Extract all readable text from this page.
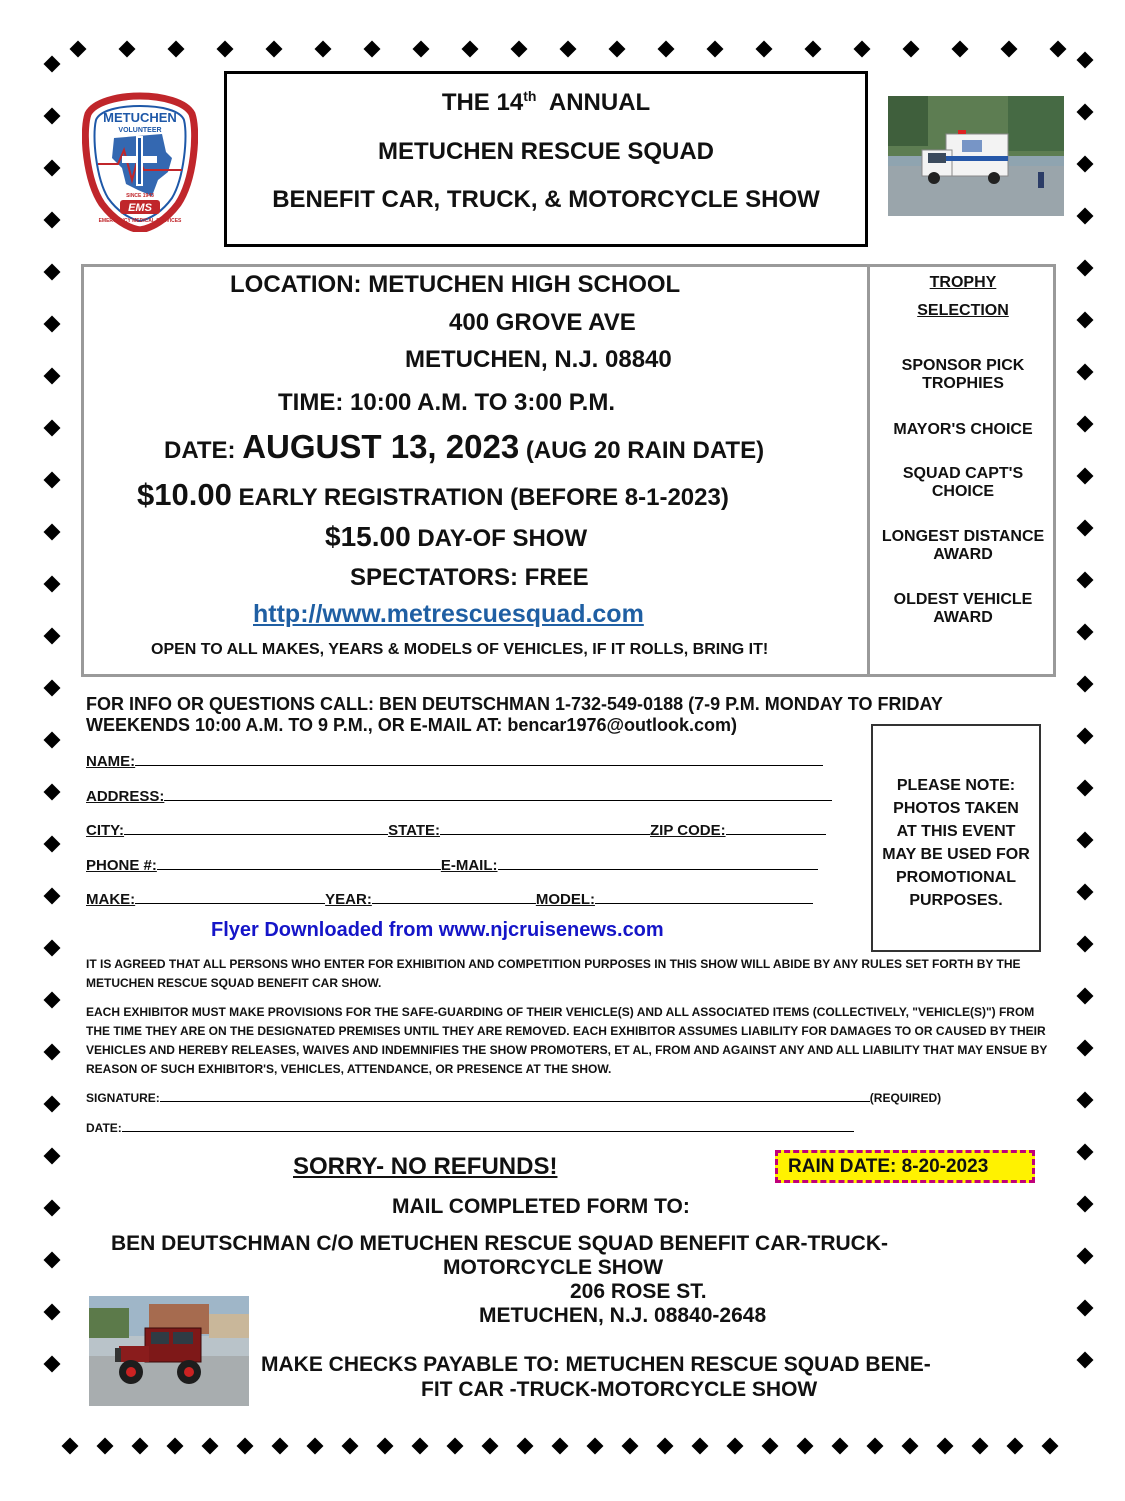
EMS
METUCHEN
VOLUNTEER
SINCE 1943
EMERGENCY MEDICAL SERVICES
THE 14th ANNUAL
METUCHEN RESCUE SQUAD
BENEFIT CAR, TRUCK, & MOTORCYCLE SHOW
LOCATION: METUCHEN HIGH SCHOOL
400 GROVE AVE
METUCHEN, N.J. 08840
TIME: 10:00 A.M. TO 3:00 P.M.
DATE: AUGUST 13, 2023 (AUG 20 RAIN DATE)
$10.00 EARLY REGISTRATION (BEFORE 8-1-2023)
$15.00 DAY-OF SHOW
SPECTATORS: FREE
http://www.metrescuesquad.com
OPEN TO ALL MAKES, YEARS & MODELS OF VEHICLES, IF IT ROLLS, BRING IT!
TROPHY
SELECTION
SPONSOR PICK
TROPHIES
MAYOR'S CHOICE
SQUAD CAPT'S
CHOICE
LONGEST DISTANCE
AWARD
OLDEST VEHICLE
AWARD
FOR INFO OR QUESTIONS CALL: BEN DEUTSCHMAN 1-732-549-0188 (7-9 P.M. MONDAY TO FRIDAY
WEEKENDS 10:00 A.M. TO 9 P.M., OR E-MAIL AT: bencar1976@outlook.com)
NAME:
ADDRESS:
CITY:	STATE:	ZIP CODE:
PHONE #:	E-MAIL:
MAKE:	YEAR:	MODEL:
PLEASE NOTE:
PHOTOS TAKEN
AT THIS EVENT
MAY BE USED FOR
PROMOTIONAL
PURPOSES.
Flyer Downloaded from www.njcruisenews.com
IT IS AGREED THAT ALL PERSONS WHO ENTER FOR EXHIBITION AND COMPETITION PURPOSES IN THIS SHOW WILL ABIDE BY ANY RULES SET FORTH BY THE METUCHEN RESCUE SQUAD BENEFIT CAR SHOW.
EACH EXHIBITOR MUST MAKE PROVISIONS FOR THE SAFE-GUARDING OF THEIR VEHICLE(S) AND ALL ASSOCIATED ITEMS (COLLECTIVELY, "VEHICLE(S)") FROM THE TIME THEY ARE ON THE DESIGNATED PREMISES UNTIL THEY ARE REMOVED. EACH EXHIBITOR ASSUMES LIABILITY FOR DAMAGES TO OR CAUSED BY THEIR VEHICLES AND HEREBY RELEASES, WAIVES AND INDEMNIFIES THE SHOW PROMOTERS, ET AL, FROM AND AGAINST ANY AND ALL LIABILITY THAT MAY ENSUE BY REASON OF SUCH EXHIBITOR'S, VEHICLES, ATTENDANCE, OR PRESENCE AT THE SHOW.
SIGNATURE:	(REQUIRED)
DATE:
SORRY- NO REFUNDS!	RAIN DATE: 8-20-2023
MAIL COMPLETED FORM TO:
BEN DEUTSCHMAN C/O METUCHEN RESCUE SQUAD BENEFIT CAR-TRUCK-
MOTORCYCLE SHOW
206 ROSE ST.
METUCHEN, N.J. 08840-2648
MAKE CHECKS PAYABLE TO: METUCHEN RESCUE SQUAD BENE-
FIT CAR -TRUCK-MOTORCYCLE SHOW
